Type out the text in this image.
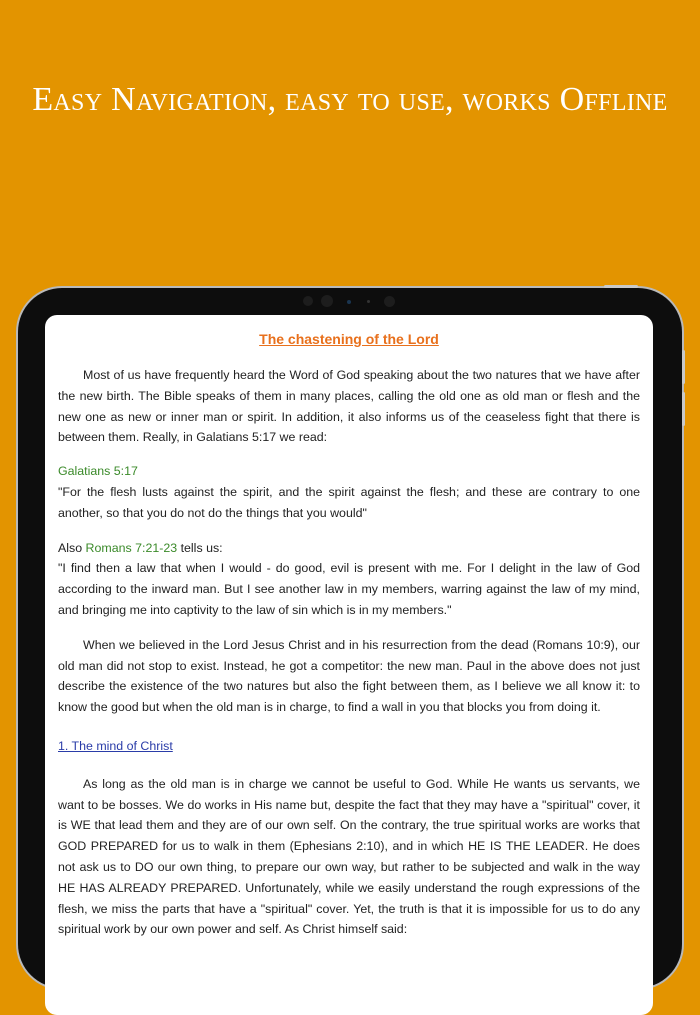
Easy Navigation, easy to use, works Offline
The chastening of the Lord

Most of us have frequently heard the Word of God speaking about the two natures that we have after the new birth. The Bible speaks of them in many places, calling the old one as old man or flesh and the new one as new or inner man or spirit. In addition, it also informs us of the ceaseless fight that there is between them. Really, in Galatians 5:17 we read:

Galatians 5:17
"For the flesh lusts against the spirit, and the spirit against the flesh; and these are contrary to one another, so that you do not do the things that you would"

Also Romans 7:21-23 tells us:
"I find then a law that when I would - do good, evil is present with me. For I delight in the law of God according to the inward man. But I see another law in my members, warring against the law of my mind, and bringing me into captivity to the law of sin which is in my members."

When we believed in the Lord Jesus Christ and in his resurrection from the dead (Romans 10:9), our old man did not stop to exist. Instead, he got a competitor: the new man. Paul in the above does not just describe the existence of the two natures but also the fight between them, as I believe we all know it: to know the good but when the old man is in charge, to find a wall in you that blocks you from doing it.

1. The mind of Christ

As long as the old man is in charge we cannot be useful to God. While He wants us servants, we want to be bosses. We do works in His name but, despite the fact that they may have a "spiritual" cover, it is WE that lead them and they are of our own self. On the contrary, the true spiritual works are works that GOD PREPARED for us to walk in them (Ephesians 2:10), and in which HE IS THE LEADER. He does not ask us to DO our own thing, to prepare our own way, but rather to be subjected and walk in the way HE HAS ALREADY PREPARED. Unfortunately, while we easily understand the rough expressions of the flesh, we miss the parts that have a "spiritual" cover. Yet, the truth is that it is impossible for us to do any spiritual work by our own power and self. As Christ himself said:
